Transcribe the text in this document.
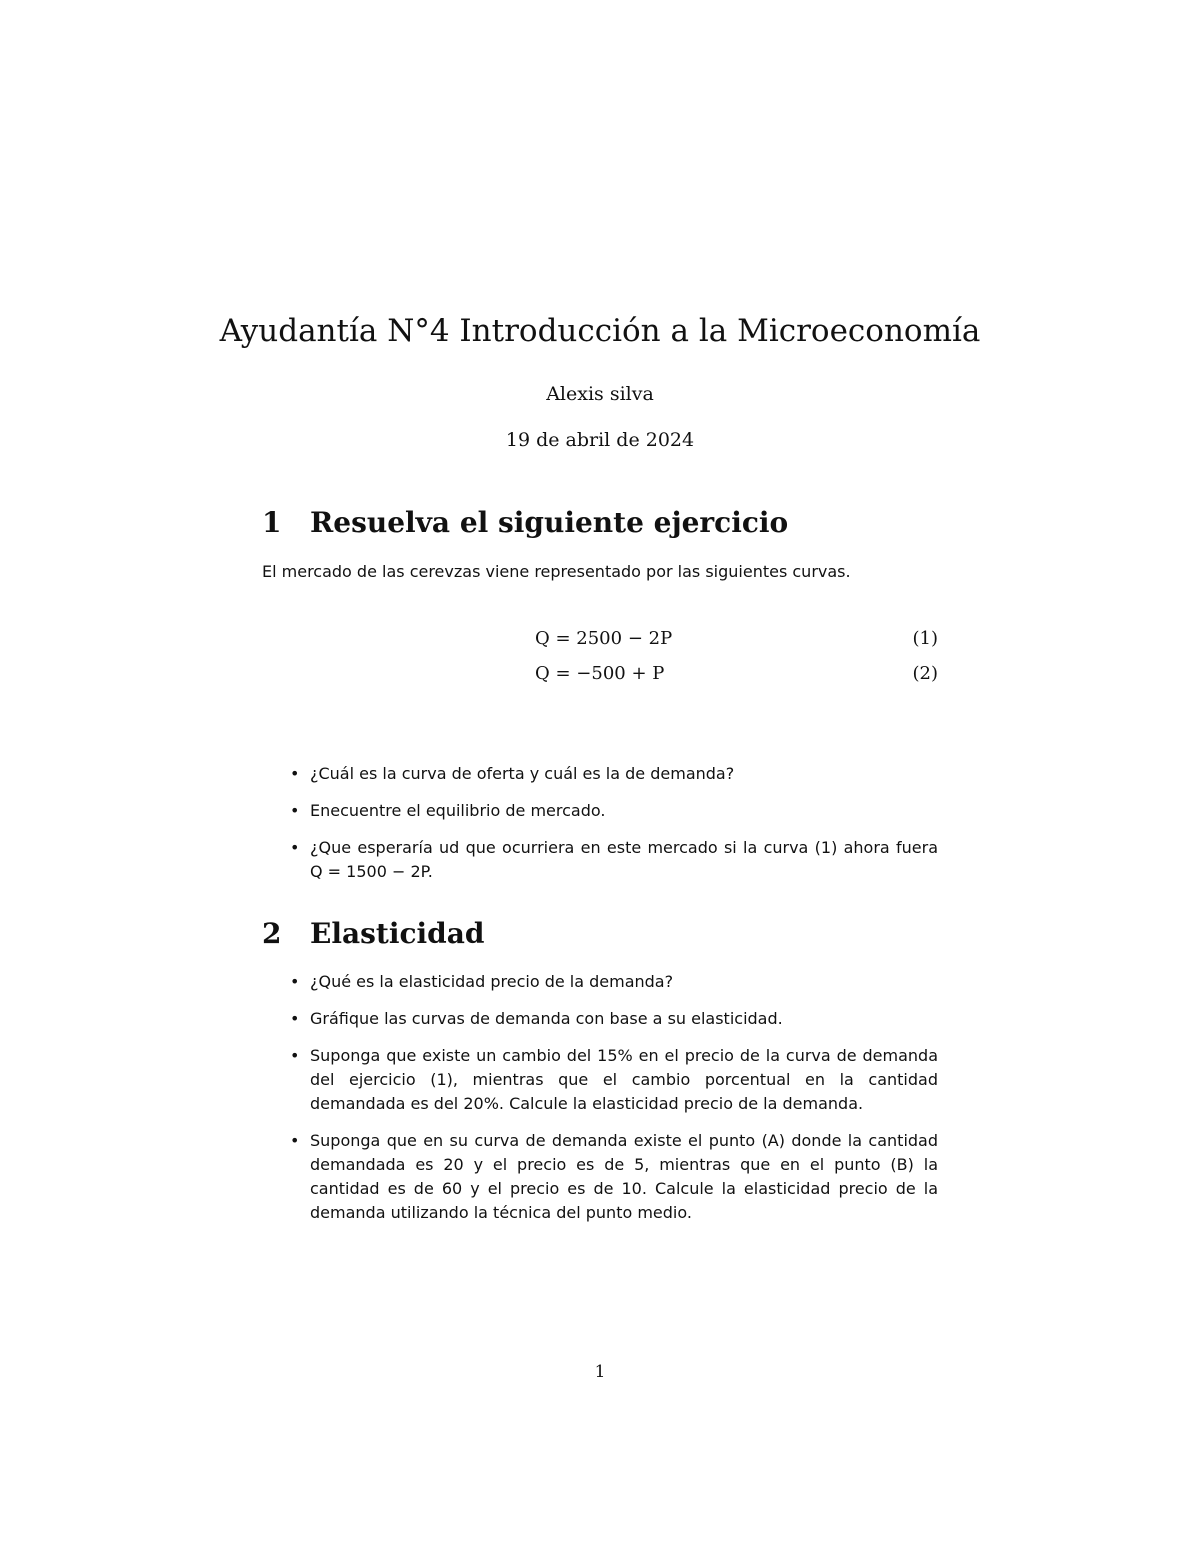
Ayudantía N°4 Introducción a la Microeconomía
Alexis silva
19 de abril de 2024
1 Resuelva el siguiente ejercicio
El mercado de las cerevzas viene representado por las siguientes curvas.
Q = 2500 − 2P	(1)
Q = −500 + P	(2)
• ¿Cuál es la curva de oferta y cuál es la de demanda?
• Enecuentre el equilibrio de mercado.
• ¿Que esperaría ud que ocurriera en este mercado si la curva (1) ahora fuera Q = 1500 − 2P.
2 Elasticidad
• ¿Qué es la elasticidad precio de la demanda?
• Gráfique las curvas de demanda con base a su elasticidad.
• Suponga que existe un cambio del 15% en el precio de la curva de demanda del ejercicio (1), mientras que el cambio porcentual en la cantidad demandada es del 20%. Calcule la elasticidad precio de la demanda.
• Suponga que en su curva de demanda existe el punto (A) donde la cantidad demandada es 20 y el precio es de 5, mientras que en el punto (B) la cantidad es de 60 y el precio es de 10. Calcule la elasticidad precio de la demanda utilizando la técnica del punto medio.
1
